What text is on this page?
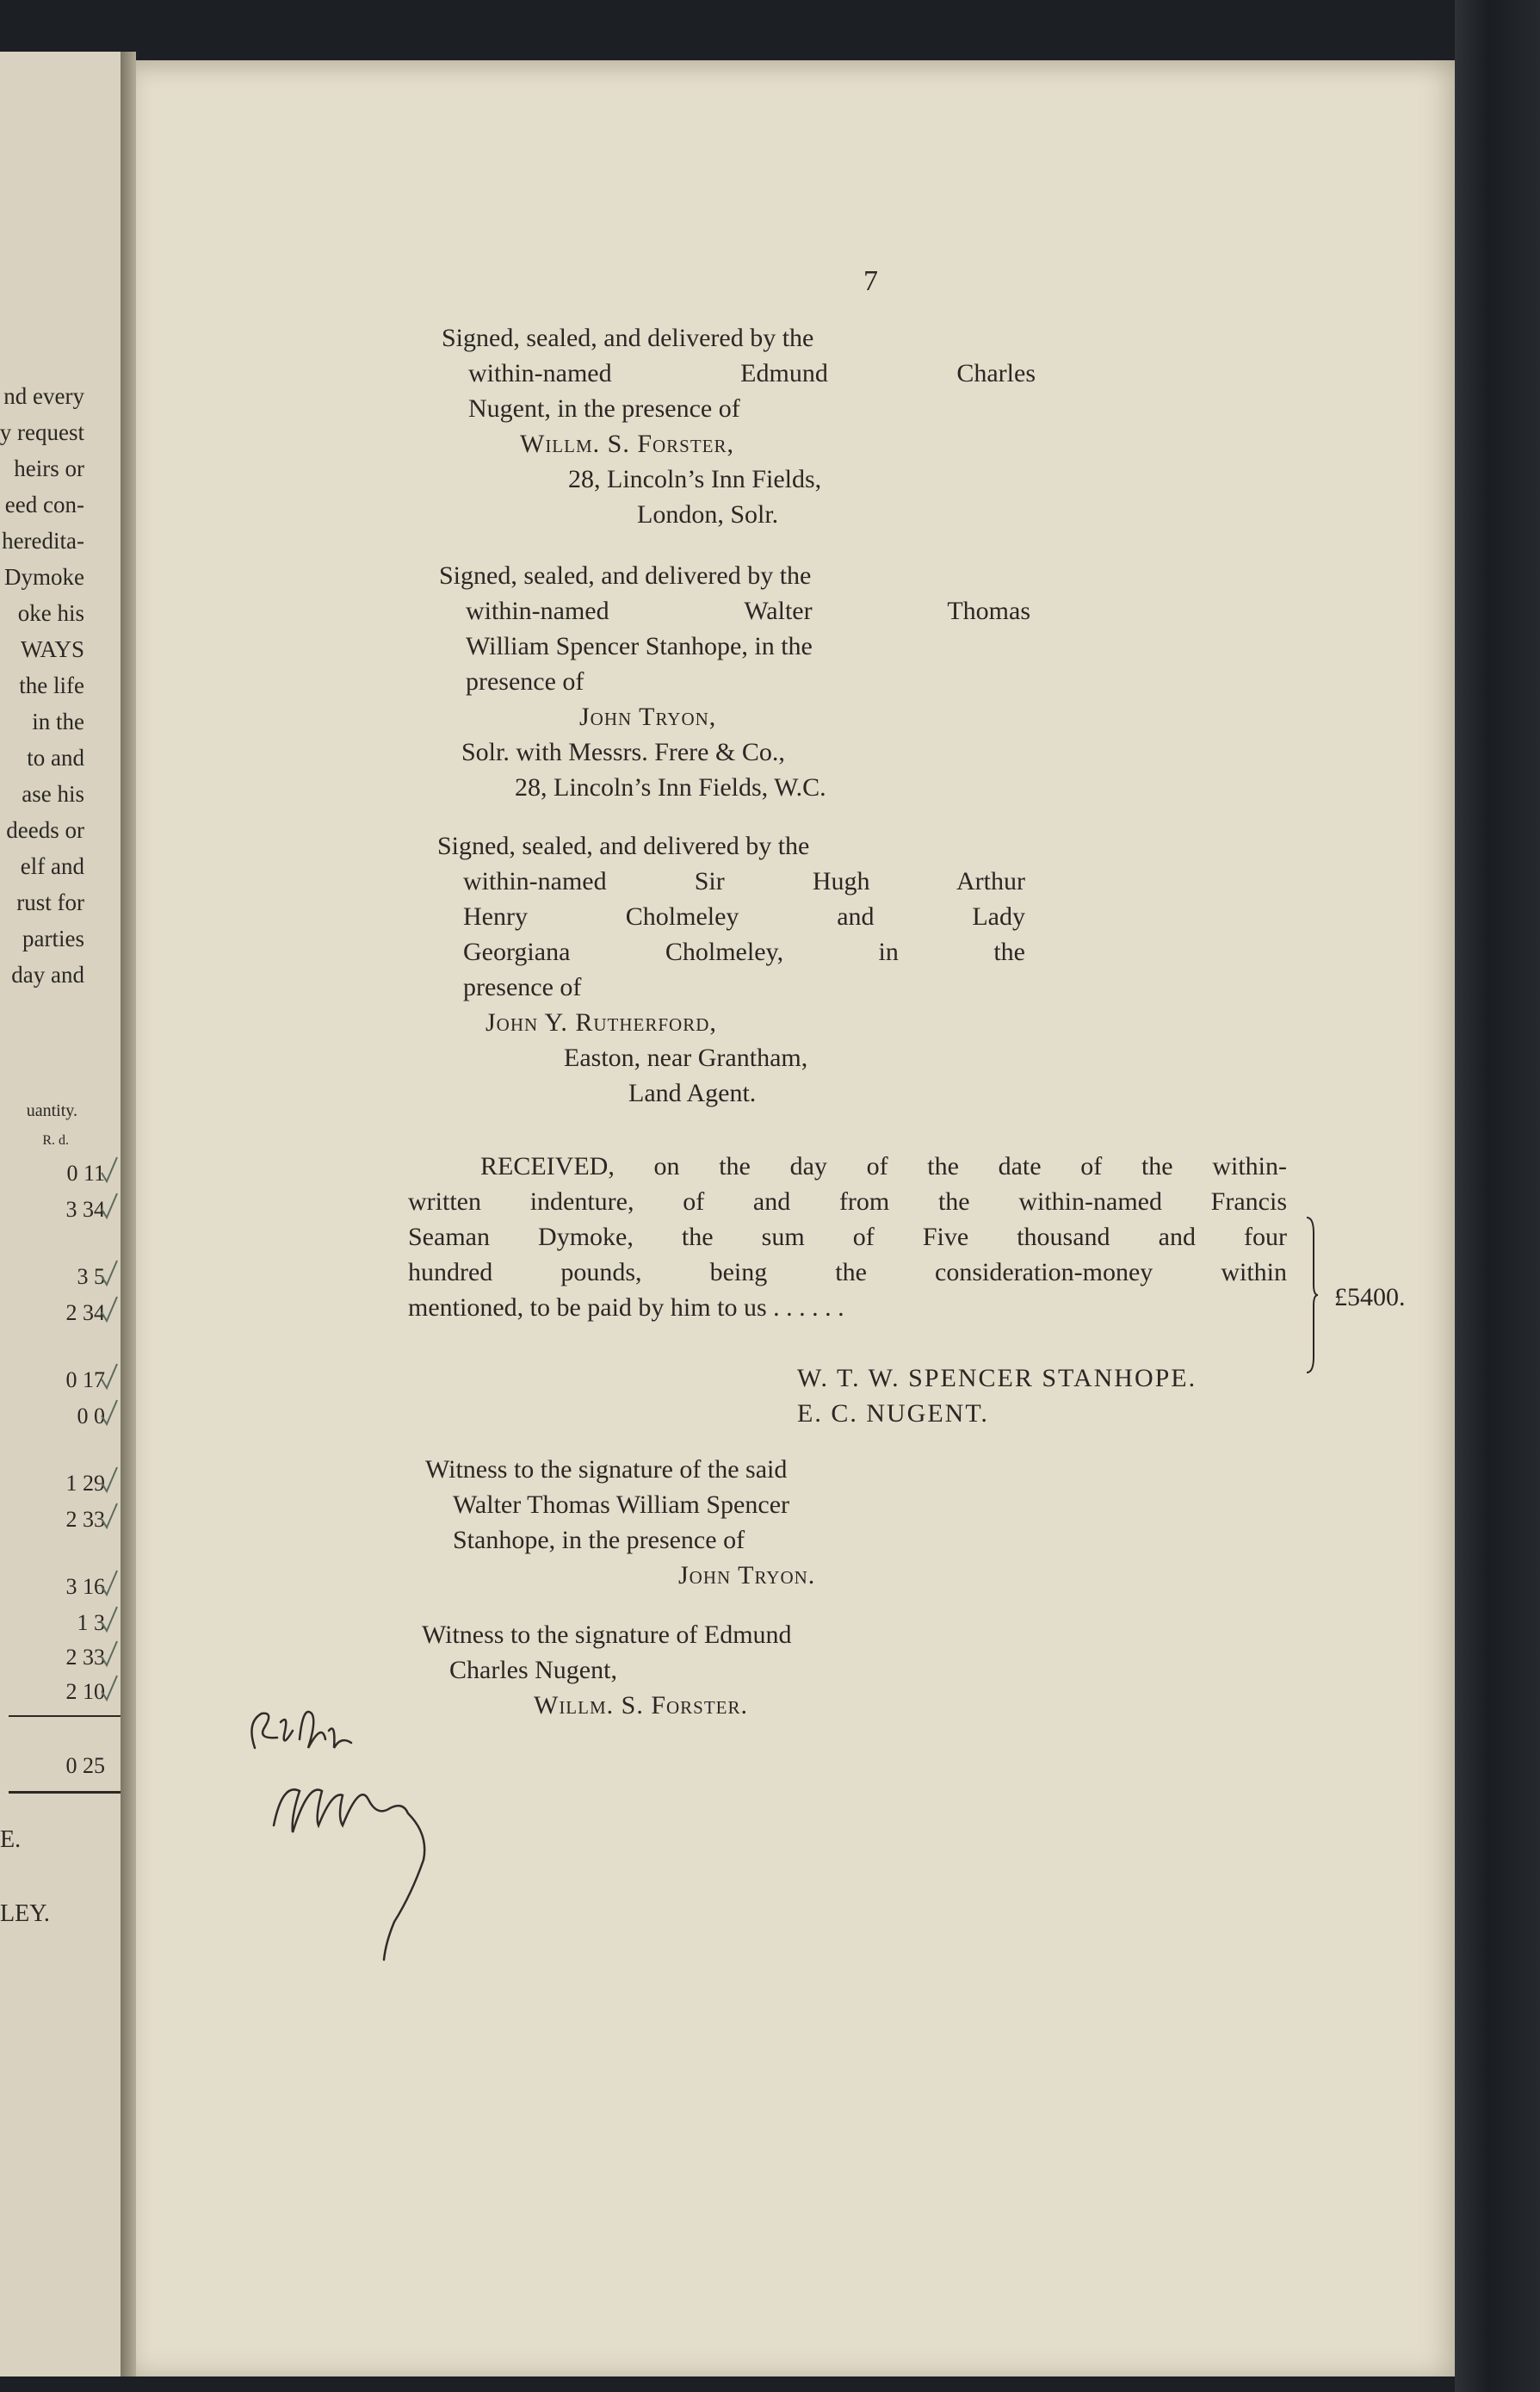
nd every
y request
heirs or
eed con-
heredita-
Dymoke
oke his
WAYS
the life
in the
to and
ase his
deeds or
elf and
rust for
parties
day and
uantity.
R. d.
0 11
3 34
3 5
2 34
0 17
0 0
1 29
2 33
3 16
1 3
2 33
2 10
0 25
E.
LEY.
7
Signed, sealed, and delivered by the
within-named Edmund Charles
Nugent, in the presence of
Willm. S. Forster,
28, Lincoln’s Inn Fields,
London, Solr.
Signed, sealed, and delivered by the
within-named Walter Thomas
William Spencer Stanhope, in the
presence of
John Tryon,
Solr. with Messrs. Frere & Co.,
28, Lincoln’s Inn Fields, W.C.
Signed, sealed, and delivered by the
within-named Sir Hugh Arthur
Henry Cholmeley and Lady
Georgiana Cholmeley, in the
presence of
John Y. Rutherford,
Easton, near Grantham,
Land Agent.
RECEIVED, on the day of the date of the within-
written indenture, of and from the within-named Francis
Seaman Dymoke, the sum of Five thousand and four
hundred pounds, being the consideration-money within
mentioned, to be paid by him to us . . . . . .	£5400.
W. T. W. SPENCER STANHOPE.
E. C. NUGENT.
Witness to the signature of the said
Walter Thomas William Spencer
Stanhope, in the presence of
John Tryon.
Witness to the signature of Edmund
Charles Nugent,
Willm. S. Forster.
